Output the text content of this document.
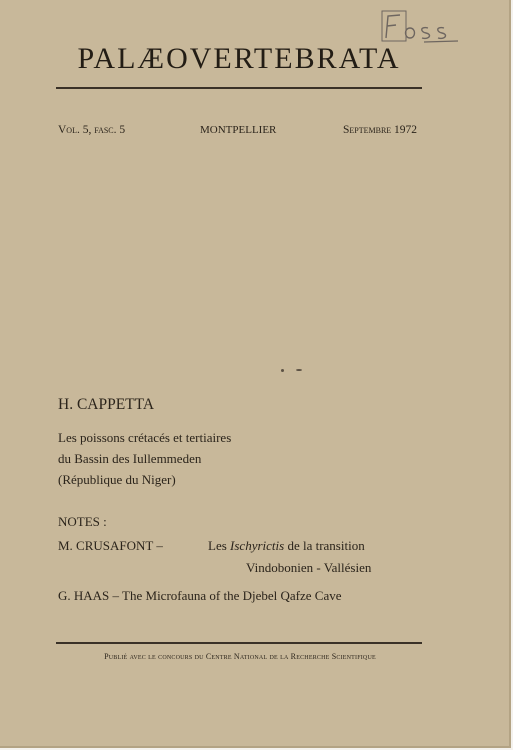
PALÆOVERTEBRATA
Vol. 5, fasc. 5	MONTPELLIER	Septembre 1972
H. CAPPETTA
Les poissons crétacés et tertiaires
du Bassin des Iullemmeden
(République du Niger)
NOTES :
M. CRUSAFONT –	Les Ischyrictis de la transition
Vindobonien - Vallésien
G. HAAS – The Microfauna of the Djebel Qafze Cave
Publié avec le concours du Centre National de la Recherche Scientifique
